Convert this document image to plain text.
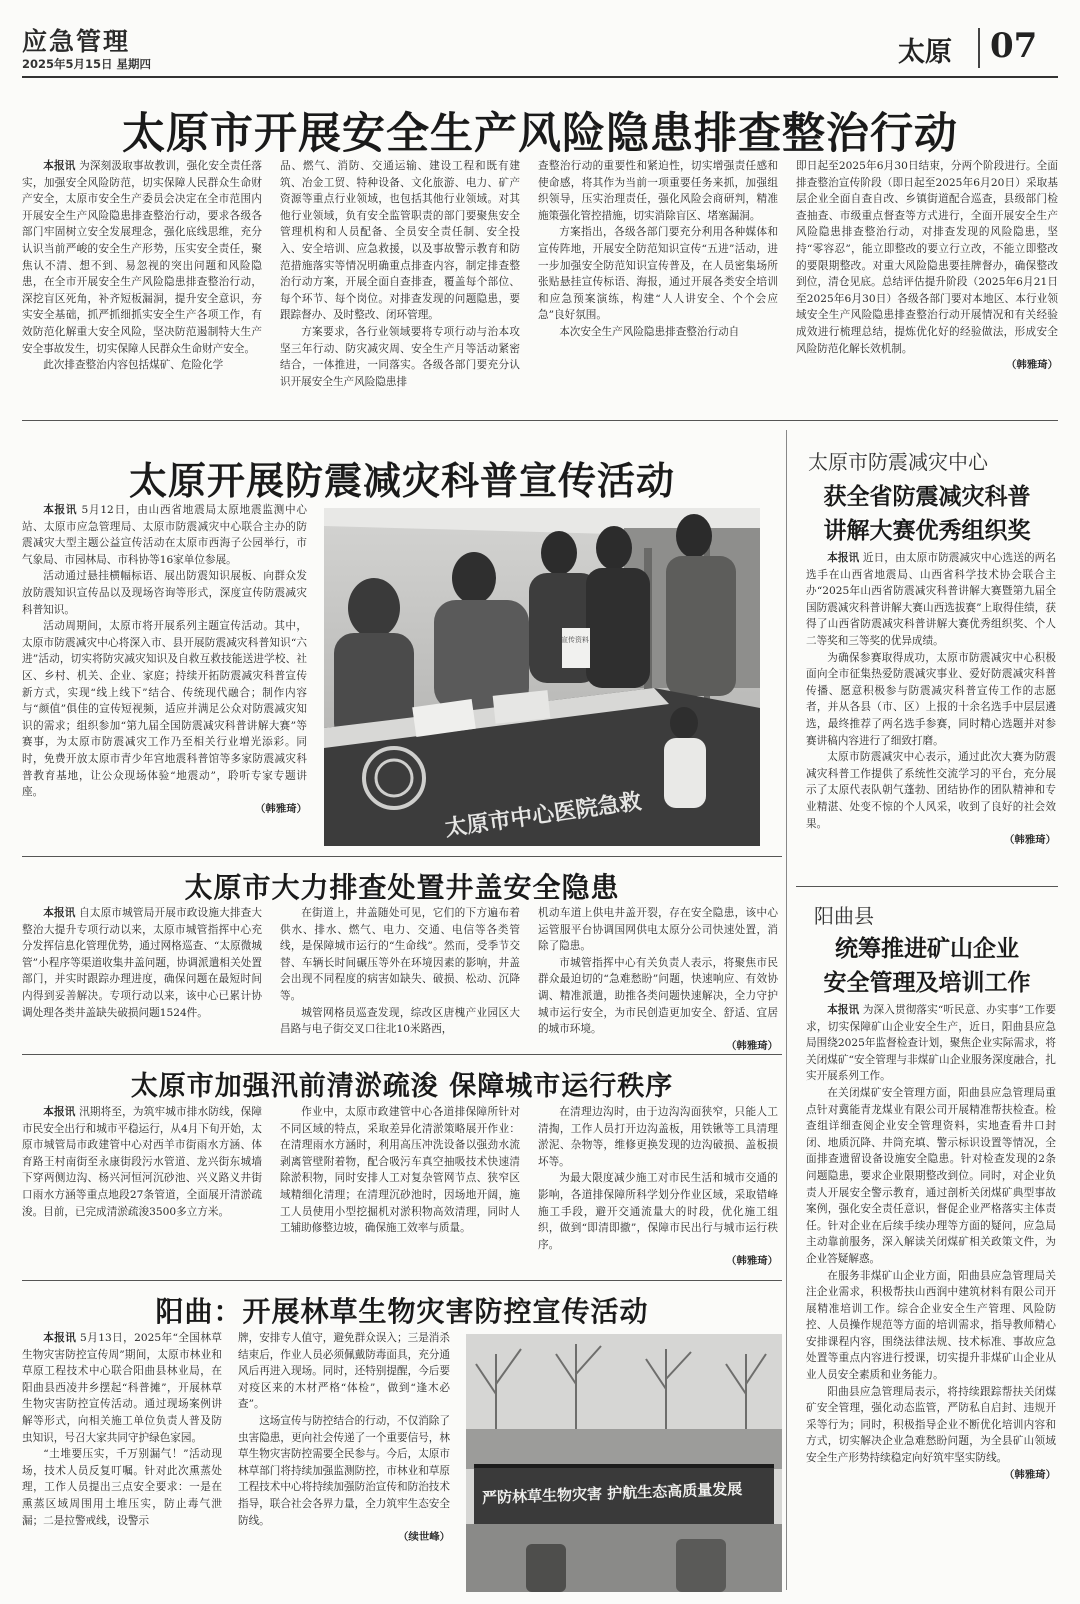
应急管理
2025年5月15日 星期四	太原 07
太原市开展安全生产风险隐患排查整治行动

本报讯 为深刻汲取事故教训，强化安全责任落实，加强安全风险防范，切实保障人民群众生命财产安全，太原市安全生产委员会决定在全市范围内开展安全生产风险隐患排查整治行动，要求各级各部门牢固树立安全发展理念，强化底线思维，充分认识当前严峻的安全生产形势，压实安全责任，聚焦认不清、想不到、易忽视的突出问题和风险隐患，在全市开展安全生产风险隐患排查整治行动，深挖盲区死角，补齐短板漏洞，提升安全意识，夯实安全基础，抓严抓细抓实安全生产各项工作，有效防范化解重大安全风险，坚决防范遏制特大生产安全事故发生，切实保障人民群众生命财产安全。

此次排查整治内容包括煤矿、危险化学

品、燃气、消防、交通运输、建设工程和既有建筑、冶金工贸、特种设备、文化旅游、电力、矿产资源等重点行业领域，也包括其他行业领域。对其他行业领域，负有安全监管职责的部门要聚焦安全管理机构和人员配备、全员安全责任制、安全投入、安全培训、应急救援，以及事故警示教育和防范措施落实等情况明确重点排查内容，制定排查整治行动方案，开展全面自查排查，覆盖每个部位、每个环节、每个岗位。对排查发现的问题隐患，要跟踪督办、及时整改、闭环管理。

方案要求，各行业领域要将专项行动与治本攻坚三年行动、防灾减灾周、安全生产月等活动紧密结合，一体推进，一同落实。各级各部门要充分认识开展安全生产风险隐患排

查整治行动的重要性和紧迫性，切实增强责任感和使命感，将其作为当前一项重要任务来抓，加强组织领导，压实治理责任，强化风险会商研判，精准施策强化管控措施，切实消除盲区、堵塞漏洞。

方案指出，各级各部门要充分利用各种媒体和宣传阵地，开展安全防范知识宣传“五进”活动，进一步加强安全防范知识宣传普及，在人员密集场所张贴悬挂宣传标语、海报，通过开展各类安全培训和应急预案演练，构建“人人讲安全、个个会应急”良好氛围。

本次安全生产风险隐患排查整治行动自

即日起至2025年6月30日结束，分两个阶段进行。全面排查整治宣传阶段（即日起至2025年6月20日）采取基层企业全面自查自改、乡镇街道配合巡查，县级部门检查抽查、市级重点督查等方式进行，全面开展安全生产风险隐患排查整治行动，对排查发现的风险隐患，坚持“零容忍”，能立即整改的要立行立改，不能立即整改的要限期整改。对重大风险隐患要挂牌督办，确保整改到位，清仓见底。总结评估提升阶段（2025年6月21日至2025年6月30日）各级各部门要对本地区、本行业领域安全生产风险隐患排查整治行动开展情况和有关经验成效进行梳理总结，提炼优化好的经验做法，形成安全风险防范化解长效机制。

（韩雅琦）
太原开展防震减灾科普宣传活动

本报讯 5月12日，由山西省地震局太原地震监测中心站、太原市应急管理局、太原市防震减灾中心联合主办的防震减灾大型主题公益宣传活动在太原市西海子公园举行，市气象局、市园林局、市科协等16家单位参展。

活动通过悬挂横幅标语、展出防震知识展板、向群众发放防震知识宣传品以及现场咨询等形式，深度宣传防震减灾科普知识。

活动周期间，太原市将开展系列主题宣传活动。其中，太原市防震减灾中心将深入市、县开展防震减灾科普知识“六进”活动，切实将防灾减灾知识及自救互救技能送进学校、社区、乡村、机关、企业、家庭；持续开拓防震减灾科普宣传新方式，实现“线上线下”结合、传统现代融合；制作内容与“颜值”俱佳的宣传短视频，适应并满足公众对防震减灾知识的需求；组织参加“第九届全国防震减灾科普讲解大赛”等赛事，为太原市防震减灾工作乃至相关行业增光添彩。同时，免费开放太原市青少年宫地震科普馆等多家防震减灾科普教育基地，让公众现场体验“地震动”，聆听专家专题讲座。

（韩雅琦）	太原市中心医院急救
宣传资料
太原市防震减灾中心
获全省防震减灾科普
讲解大赛优秀组织奖

本报讯 近日，由太原市防震减灾中心选送的两名选手在山西省地震局、山西省科学技术协会联合主办“2025年山西省防震减灾科普讲解大赛暨第九届全国防震减灾科普讲解大赛山西选拔赛”上取得佳绩，获得了山西省防震减灾科普讲解大赛优秀组织奖、个人二等奖和三等奖的优异成绩。

为确保参赛取得成功，太原市防震减灾中心积极面向全市征集热爱防震减灾事业、爱好防震减灾科普传播、愿意积极参与防震减灾科普宣传工作的志愿者，并从各县（市、区）上报的十余名选手中层层遴选，最终推荐了两名选手参赛，同时精心选题并对参赛讲稿内容进行了细致打磨。

太原市防震减灾中心表示，通过此次大赛为防震减灾科普工作提供了系统性交流学习的平台，充分展示了太原代表队朝气蓬勃、团结协作的团队精神和专业精湛、处变不惊的个人风采，收到了良好的社会效果。

（韩雅琦）
太原市大力排查处置井盖安全隐患

本报讯 自太原市城管局开展市政设施大排查大整治大提升专项行动以来，太原市城管指挥中心充分发挥信息化管理优势，通过网格巡查、“太原微城管”小程序等渠道收集井盖问题，协调派遣相关处置部门，并实时跟踪办理进度，确保问题在最短时间内得到妥善解决。专项行动以来，该中心已累计协调处理各类井盖缺失破损问题1524件。

在街道上，井盖随处可见，它们的下方遍布着供水、排水、燃气、电力、交通、电信等各类管线，是保障城市运行的“生命线”。然而，受季节交替、车辆长时间碾压等外在环境因素的影响，井盖会出现不同程度的病害如缺失、破损、松动、沉降等。

城管网格员巡查发现，综改区唐槐产业园区大昌路与电子街交叉口往北10米路西，

机动车道上供电井盖开裂，存在安全隐患，该中心运管服平台协调国网供电太原分公司快速处置，消除了隐患。

市城管指挥中心有关负责人表示，将聚焦市民群众最迫切的“急难愁盼”问题，快速响应、有效协调、精准派遣，助推各类问题快速解决，全力守护城市运行安全，为市民创造更加安全、舒适、宜居的城市环境。

（韩雅琦）
太原市加强汛前清淤疏浚 保障城市运行秩序

本报讯 汛期将至，为筑牢城市排水防线，保障市民安全出行和城市平稳运行，从4月下旬开始，太原市城管局市政建管中心对西羊市街雨水方涵、体育路王村南街至永康街段污水管道、龙兴街东城墙下穿两侧边沟、杨兴河恒河沉砂池、兴义路义井街口雨水方涵等重点地段27条管道，全面展开清淤疏浚。目前，已完成清淤疏浚3500多立方米。

作业中，太原市政建管中心各道排保障所针对不同区域的特点，采取差异化清淤策略展开作业：在清理雨水方涵时，利用高压冲洗设备以强劲水流剥离管壁附着物，配合吸污车真空抽吸技术快速清除淤积物，同时安排人工对复杂管网节点、狭窄区域精细化清理；在清理沉砂池时，因场地开阔，施工人员使用小型挖掘机对淤积物高效清理，同时人工辅助修整边坡，确保施工效率与质量。

在清理边沟时，由于边沟沟面狭窄，只能人工清掏，工作人员打开边沟盖板，用铁锹等工具清理淤泥、杂物等，维修更换发现的边沟破损、盖板损坏等。

为最大限度减少施工对市民生活和城市交通的影响，各道排保障所科学划分作业区域，采取错峰施工手段，避开交通流量大的时段，优化施工组织，做到“即清即撤”，保障市民出行与城市运行秩序。

（韩雅琦）
阳曲：开展林草生物灾害防控宣传活动

本报讯 5月13日，2025年“全国林草生物灾害防控宣传周”期间，太原市林业和草原工程技术中心联合阳曲县林业局，在阳曲县西凌井乡摆起“科普摊”，开展林草生物灾害防控宣传活动。通过现场案例讲解等形式，向相关施工单位负责人普及防虫知识，号召大家共同守护绿色家园。

“土堆要压实，千万别漏气！”活动现场，技术人员反复叮嘱。针对此次熏蒸处理，工作人员提出三点安全要求：一是在熏蒸区域周围用土堆压实，防止毒气泄漏；二是拉警戒线，设警示

牌，安排专人值守，避免群众误入；三是消杀结束后，作业人员必须佩戴防毒面具，充分通风后再进入现场。同时，还特别提醒，今后要对疫区来的木材严格“体检”，做到“逢木必查”。

这场宣传与防控结合的行动，不仅消除了虫害隐患，更向社会传递了一个重要信号，林草生物灾害防控需要全民参与。今后，太原市林草部门将持续加强监测防控，市林业和草原工程技术中心将持续加强防治宣传和防治技术指导，联合社会各界力量，全力筑牢生态安全防线。

（续世峰）
严防林草生物灾害 护航生态高质量发展
阳曲县
统筹推进矿山企业
安全管理及培训工作

本报讯 为深入贯彻落实“听民意、办实事”工作要求，切实保障矿山企业安全生产，近日，阳曲县应急局围绕2025年监督检查计划，聚焦企业实际需求，将关闭煤矿“安全管理与非煤矿山企业服务深度融合，扎实开展系列工作。

在关闭煤矿安全管理方面，阳曲县应急管理局重点针对冀能青龙煤业有限公司开展精准帮扶检查。检查组详细查阅企业安全管理资料，实地查看井口封闭、地质沉降、井筒充填、警示标识设置等情况，全面排查遗留设备设施安全隐患。针对检查发现的2条问题隐患，要求企业限期整改到位。同时，对企业负责人开展安全警示教育，通过剖析关闭煤矿典型事故案例，强化安全责任意识，督促企业严格落实主体责任。针对企业在后续手续办理等方面的疑问，应急局主动靠前服务，深入解读关闭煤矿相关政策文件，为企业答疑解惑。

在服务非煤矿山企业方面，阳曲县应急管理局关注企业需求，积极帮扶山西润中建筑材料有限公司开展精准培训工作。综合企业安全生产管理、风险防控、人员操作规范等方面的培训需求，指导教师精心安排课程内容，围绕法律法规、技术标准、事故应急处置等重点内容进行授课，切实提升非煤矿山企业从业人员安全素质和业务能力。

阳曲县应急管理局表示，将持续跟踪帮扶关闭煤矿安全管理，强化动态监管，严防私自启封、违规开采等行为；同时，积极指导企业不断优化培训内容和方式，切实解决企业急难愁盼问题，为全县矿山领域安全生产形势持续稳定向好筑牢坚实防线。

（韩雅琦）
